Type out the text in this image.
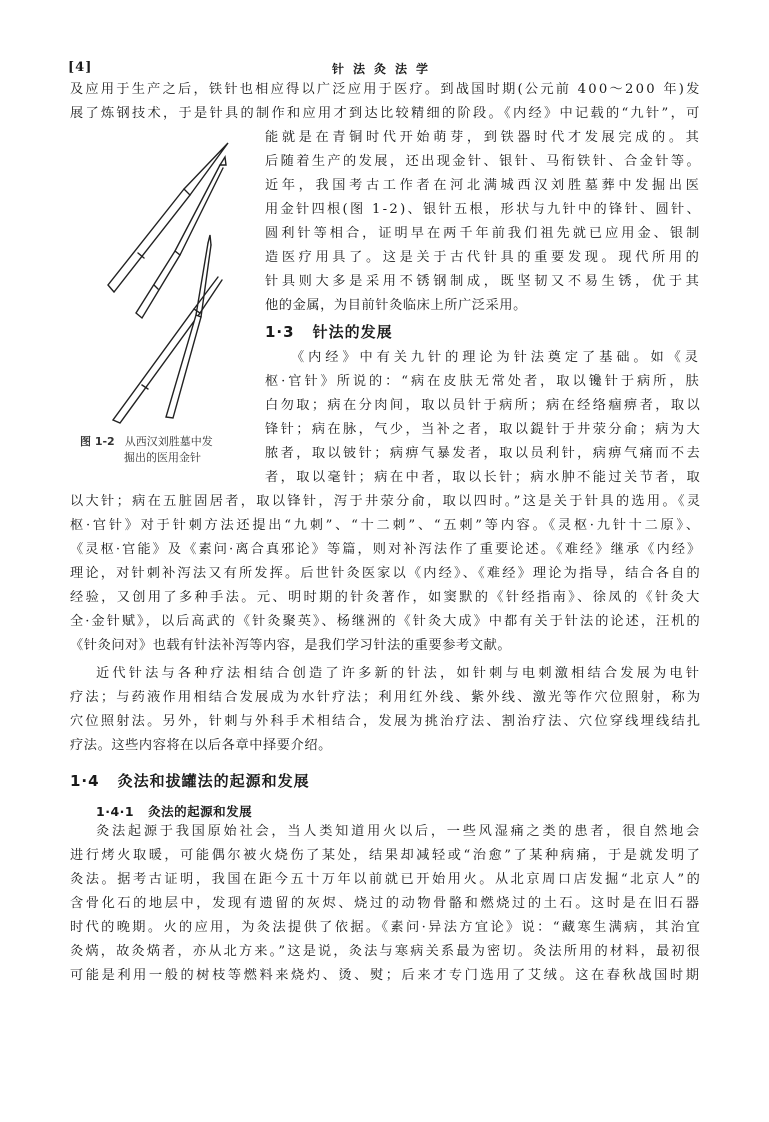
[4]	针法灸法学
及应用于生产之后，铁针也相应得以广泛应用于医疗。到战国时期(公元前 400～200 年)发
展了炼钢技术，于是针具的制作和应用才到达比较精细的阶段。《内经》中记载的“九针”，可
能就是在青铜时代开始萌芽，到铁器时代才发展完成的。其
后随着生产的发展，还出现金针、银针、马衔铁针、合金针等。
近年，我国考古工作者在河北满城西汉刘胜墓葬中发掘出医
用金针四根(图 1-2)、银针五根，形状与九针中的锋针、圆针、
圆利针等相合，证明早在两千年前我们祖先就已应用金、银制
造医疗用具了。这是关于古代针具的重要发现。现代所用的
针具则大多是采用不锈钢制成，既坚韧又不易生锈，优于其
他的金属，为目前针灸临床上所广泛采用。
图 1-2 从西汉刘胜墓中发
掘出的医用金针
1·3 针法的发展
《内经》中有关九针的理论为针法奠定了基础。如《灵
枢·官针》所说的：“病在皮肤无常处者，取以镵针于病所，肤
白勿取；病在分肉间，取以员针于病所；病在经络痼痹者，取以
锋针；病在脉，气少，当补之者，取以鍉针于井荥分俞；病为大
脓者，取以铍针；病痹气暴发者，取以员利针，病痹气痛而不去
者，取以毫针；病在中者，取以长针；病水肿不能过关节者，取
以大针；病在五脏固居者，取以锋针，泻于井荥分俞，取以四时。”这是关于针具的选用。《灵
枢·官针》对于针刺方法还提出“九刺”、“十二刺”、“五刺”等内容。《灵枢·九针十二原》、
《灵枢·官能》及《素问·离合真邪论》等篇，则对补泻法作了重要论述。《难经》继承《内经》
理论，对针刺补泻法又有所发挥。后世针灸医家以《内经》、《难经》理论为指导，结合各自的
经验，又创用了多种手法。元、明时期的针灸著作，如窦默的《针经指南》、徐凤的《针灸大
全·金针赋》，以后高武的《针灸聚英》、杨继洲的《针灸大成》中都有关于针法的论述，汪机的
《针灸问对》也载有针法补泻等内容，是我们学习针法的重要参考文献。
近代针法与各种疗法相结合创造了许多新的针法，如针刺与电刺激相结合发展为电针
疗法；与药液作用相结合发展成为水针疗法；利用红外线、紫外线、激光等作穴位照射，称为
穴位照射法。另外，针刺与外科手术相结合，发展为挑治疗法、割治疗法、穴位穿线埋线结扎
疗法。这些内容将在以后各章中择要介绍。
1·4 灸法和拔罐法的起源和发展
1·4·1 灸法的起源和发展
灸法起源于我国原始社会，当人类知道用火以后，一些风湿痛之类的患者，很自然地会
进行烤火取暖，可能偶尔被火烧伤了某处，结果却减轻或“治愈”了某种病痛，于是就发明了
灸法。据考古证明，我国在距今五十万年以前就已开始用火。从北京周口店发掘“北京人”的
含骨化石的地层中，发现有遗留的灰烬、烧过的动物骨骼和燃烧过的土石。这时是在旧石器
时代的晚期。火的应用，为灸法提供了依据。《素问·异法方宜论》说：“藏寒生满病，其治宜
灸焫，故灸焫者，亦从北方来。”这是说，灸法与寒病关系最为密切。灸法所用的材料，最初很
可能是利用一般的树枝等燃料来烧灼、烫、熨；后来才专门选用了艾绒。这在春秋战国时期
